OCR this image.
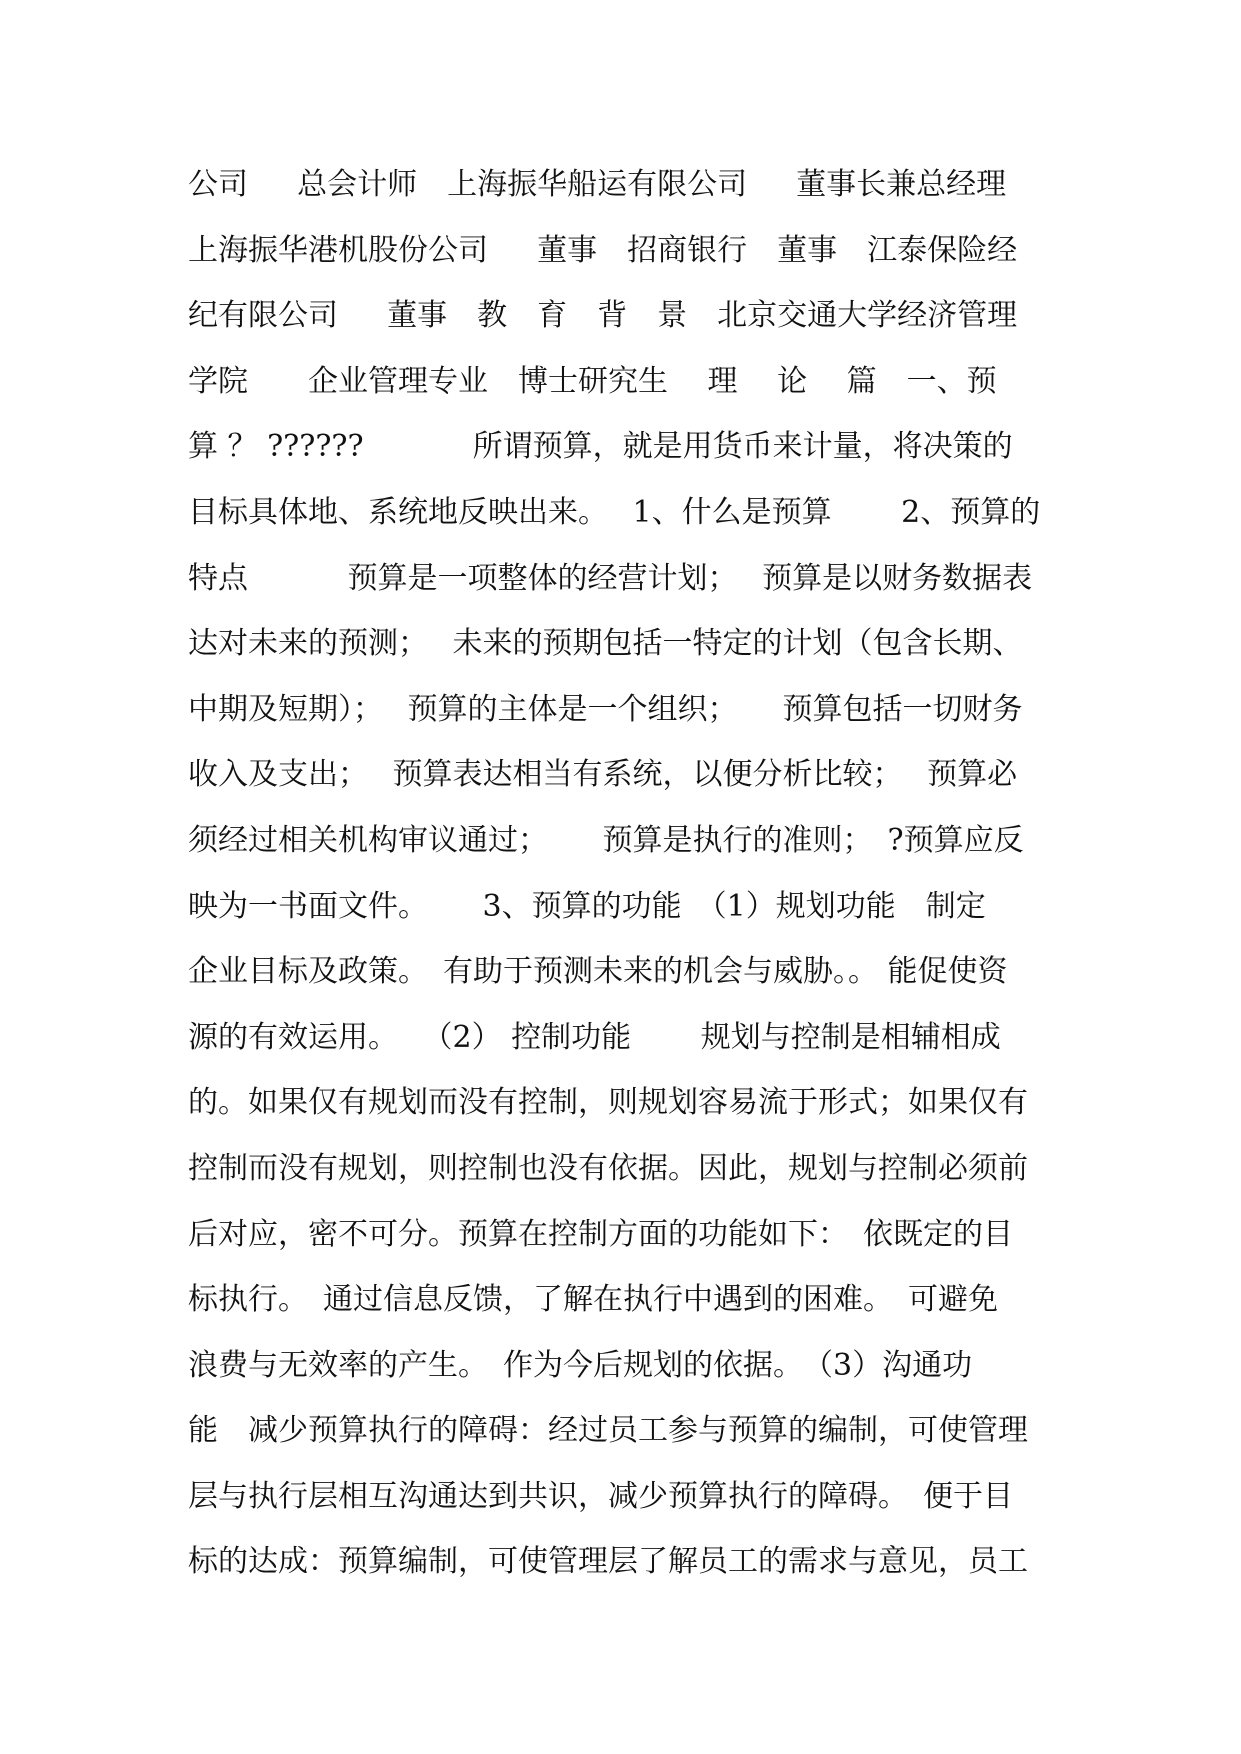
公司　  总会计师　上海振华船运有限公司　  董事长兼总经理
上海振华港机股份公司　  董事　招商银行　董事　江泰保险经
纪有限公司　  董事　教　育　背　景　北京交通大学经济管理
学院　　企业管理专业　博士研究生　 理　 论　 篇　一、预
算 ？ ??????　　　  所谓预算，就是用货币来计量，将决策的
目标具体地、系统地反映出来。　 1、什么是预算　　 2、预算的
特点　　　 预算是一项整体的经营计划；　 预算是以财务数据表
达对未来的预测；　 未来的预期包括一特定的计划（包含长期、
中期及短期）；　 预算的主体是一个组织；　　预算包括一切财务
收入及支出；　 预算表达相当有系统，以便分析比较；　 预算必
须经过相关机构审议通过；　　 预算是执行的准则；　?预算应反
映为一书面文件。　　 3、预算的功能　（1）规划功能　制定
企业目标及政策。　有助于预测未来的机会与威胁。。 能促使资
源的有效运用。　 （2） 控制功能　　 规划与控制是相辅相成
的。如果仅有规划而没有控制，则规划容易流于形式；如果仅有
控制而没有规划，则控制也没有依据。因此，规划与控制必须前
后对应，密不可分。预算在控制方面的功能如下：　依既定的目
标执行。　通过信息反馈，了解在执行中遇到的困难。　可避免
浪费与无效率的产生。　作为今后规划的依据。　（3）沟通功
能　减少预算执行的障碍：经过员工参与预算的编制，可使管理
层与执行层相互沟通达到共识，减少预算执行的障碍。　便于目
标的达成：预算编制，可使管理层了解员工的需求与意见，员工
